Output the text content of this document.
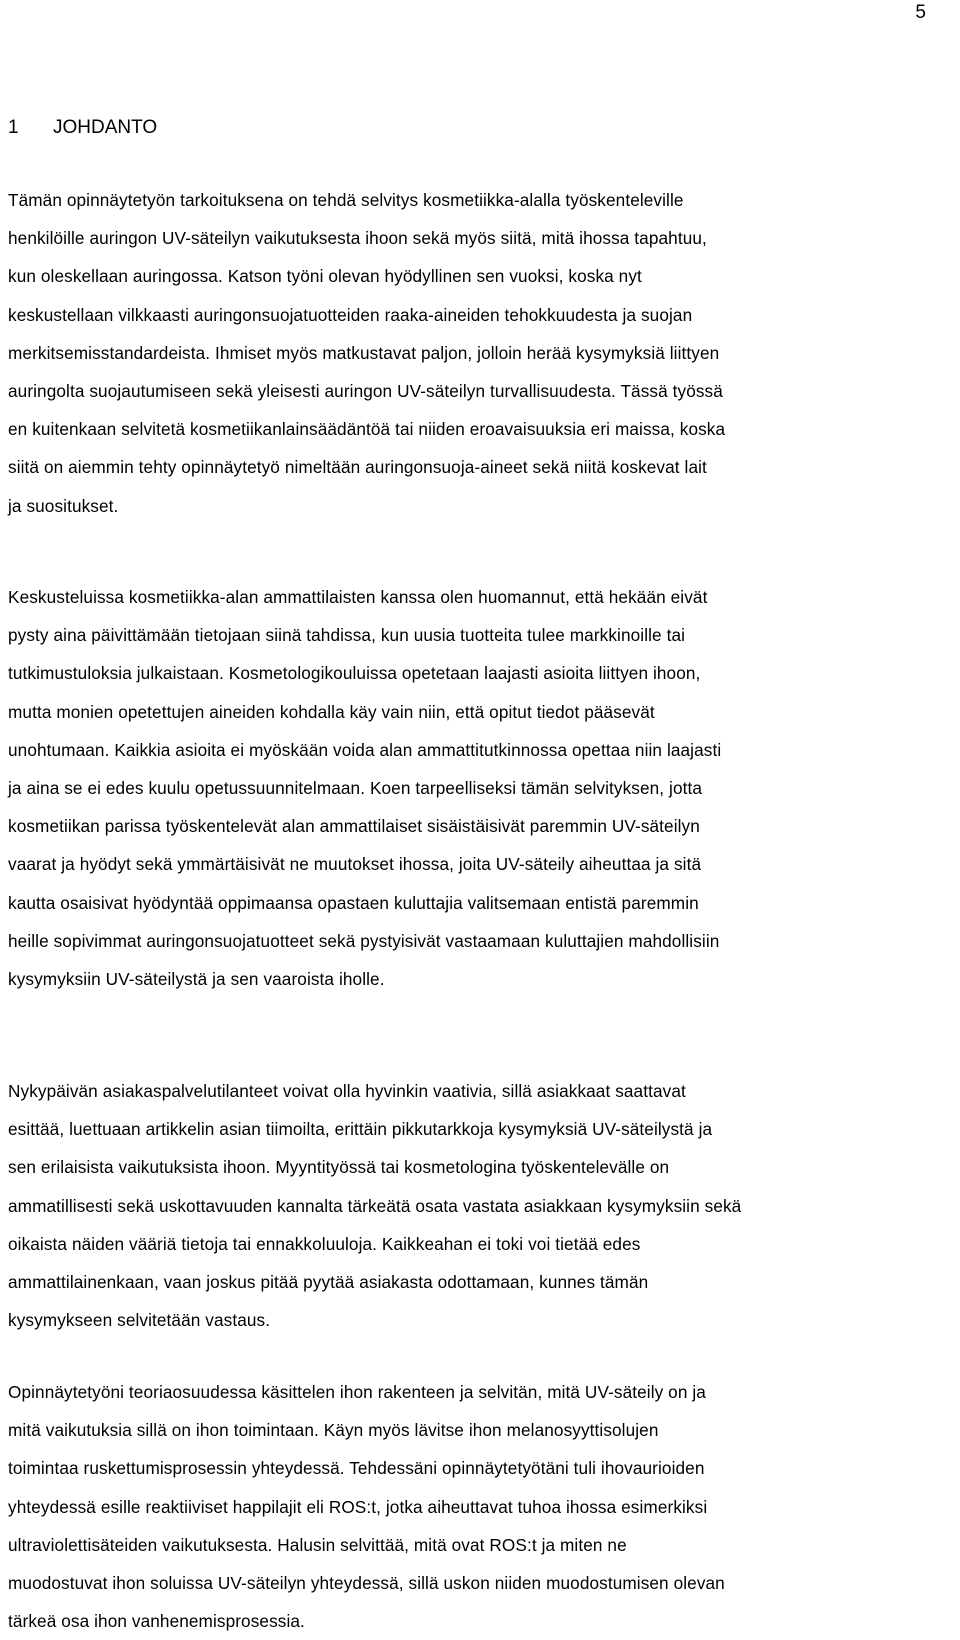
5
1 JOHDANTO

Tämän opinnäytetyön tarkoituksena on tehdä selvitys kosmetiikka-alalla työskenteleville
henkilöille auringon UV-säteilyn vaikutuksesta ihoon sekä myös siitä, mitä ihossa tapahtuu,
kun oleskellaan auringossa. Katson työni olevan hyödyllinen sen vuoksi, koska nyt
keskustellaan vilkkaasti auringonsuojatuotteiden raaka-aineiden tehokkuudesta ja suojan
merkitsemisstandardeista. Ihmiset myös matkustavat paljon, jolloin herää kysymyksiä liittyen
auringolta suojautumiseen sekä yleisesti auringon UV-säteilyn turvallisuudesta. Tässä työssä
en kuitenkaan selvitetä kosmetiikanlainsäädäntöä tai niiden eroavaisuuksia eri maissa, koska
siitä on aiemmin tehty opinnäytetyö nimeltään auringonsuoja-aineet sekä niitä koskevat lait
ja suositukset.

Keskusteluissa kosmetiikka-alan ammattilaisten kanssa olen huomannut, että hekään eivät
pysty aina päivittämään tietojaan siinä tahdissa, kun uusia tuotteita tulee markkinoille tai
tutkimustuloksia julkaistaan. Kosmetologikouluissa opetetaan laajasti asioita liittyen ihoon,
mutta monien opetettujen aineiden kohdalla käy vain niin, että opitut tiedot pääsevät
unohtumaan. Kaikkia asioita ei myöskään voida alan ammattitutkinnossa opettaa niin laajasti
ja aina se ei edes kuulu opetussuunnitelmaan. Koen tarpeelliseksi tämän selvityksen, jotta
kosmetiikan parissa työskentelevät alan ammattilaiset sisäistäisivät paremmin UV-säteilyn
vaarat ja hyödyt sekä ymmärtäisivät ne muutokset ihossa, joita UV-säteily aiheuttaa ja sitä
kautta osaisivat hyödyntää oppimaansa opastaen kuluttajia valitsemaan entistä paremmin
heille sopivimmat auringonsuojatuotteet sekä pystyisivät vastaamaan kuluttajien mahdollisiin
kysymyksiin UV-säteilystä ja sen vaaroista iholle.

Nykypäivän asiakaspalvelutilanteet voivat olla hyvinkin vaativia, sillä asiakkaat saattavat
esittää, luettuaan artikkelin asian tiimoilta, erittäin pikkutarkkoja kysymyksiä UV-säteilystä ja
sen erilaisista vaikutuksista ihoon. Myyntityössä tai kosmetologina työskentelevälle on
ammatillisesti sekä uskottavuuden kannalta tärkeätä osata vastata asiakkaan kysymyksiin sekä
oikaista näiden vääriä tietoja tai ennakkoluuloja. Kaikkeahan ei toki voi tietää edes
ammattilainenkaan, vaan joskus pitää pyytää asiakasta odottamaan, kunnes tämän
kysymykseen selvitetään vastaus.

Opinnäytetyöni teoriaosuudessa käsittelen ihon rakenteen ja selvitän, mitä UV-säteily on ja
mitä vaikutuksia sillä on ihon toimintaan. Käyn myös lävitse ihon melanosyyttisolujen
toimintaa ruskettumisprosessin yhteydessä. Tehdessäni opinnäytetyötäni tuli ihovaurioiden
yhteydessä esille reaktiiviset happilajit eli ROS:t, jotka aiheuttavat tuhoa ihossa esimerkiksi
ultraviolettisäteiden vaikutuksesta. Halusin selvittää, mitä ovat ROS:t ja miten ne
muodostuvat ihon soluissa UV-säteilyn yhteydessä, sillä uskon niiden muodostumisen olevan
tärkeä osa ihon vanhenemisprosessia.
